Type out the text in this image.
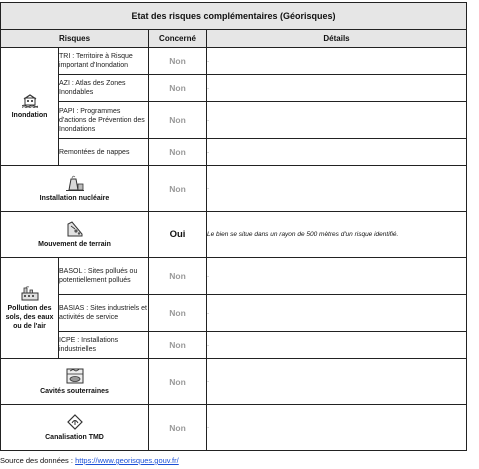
Etat des risques complémentaires (Géorisques)			
Risques		Concerné	Détails

Inondation	TRI : Territoire à Risque important d'Inondation	Non	-
	AZI : Atlas des Zones Inondables	Non	-
	PAPI : Programmes d'actions de Prévention des Inondations	Non	-
	Remontées de nappes	Non	-

Installation nucléaire		Non	-

Mouvement de terrain		Oui	Le bien se situe dans un rayon de 500 mètres d'un risque identifié.

Pollution des sols, des eaux ou de l'air	BASOL : Sites pollués ou potentiellement pollués	Non	-
	BASIAS : Sites industriels et activités de service	Non	-
	ICPE : Installations industrielles	Non	-

Cavités souterraines		Non	-

Canalisation TMD		Non	-
Source des données : https://www.georisques.gouv.fr/
